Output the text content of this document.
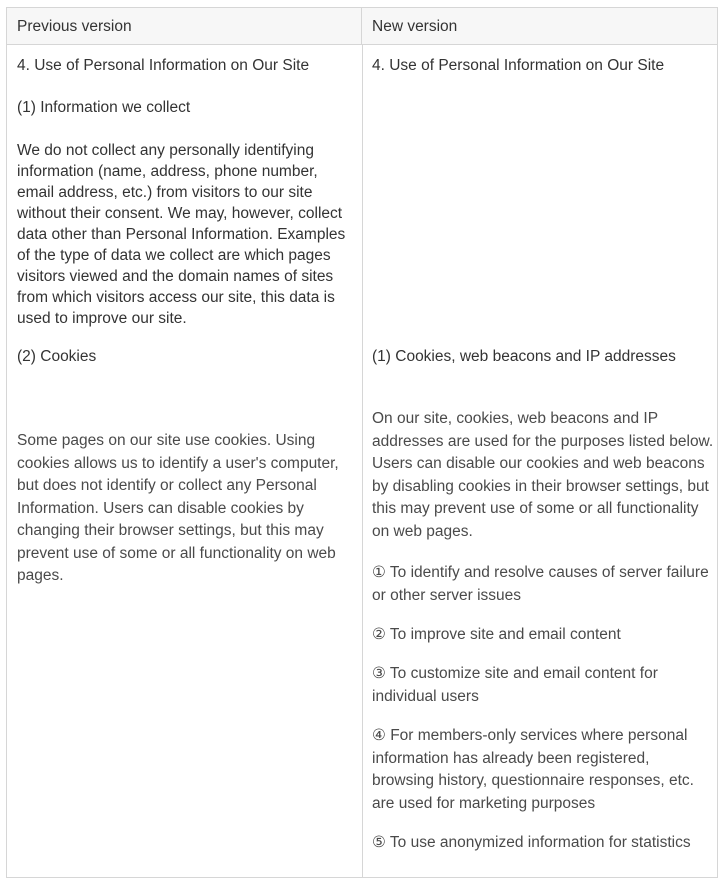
Previous version	New version

4. Use of Personal Information on Our Site

(1) Information we collect

We do not collect any personally identifying information (name, address, phone number, email address, etc.) from visitors to our site without their consent. We may, however, collect data other than Personal Information. Examples of the type of data we collect are which pages visitors viewed and the domain names of sites from which visitors access our site, this data is used to improve our site.

(2) Cookies

Some pages on our site use cookies. Using cookies allows us to identify a user's computer, but does not identify or collect any Personal Information. Users can disable cookies by changing their browser settings, but this may prevent use of some or all functionality on web pages.

4. Use of Personal Information on Our Site

(1) Cookies, web beacons and IP addresses

On our site, cookies, web beacons and IP addresses are used for the purposes listed below. Users can disable our cookies and web beacons by disabling cookies in their browser settings, but this may prevent use of some or all functionality on web pages.

① To identify and resolve causes of server failure or other server issues

② To improve site and email content

③ To customize site and email content for individual users

④ For members-only services where personal information has already been registered, browsing history, questionnaire responses, etc. are used for marketing purposes

⑤ To use anonymized information for statistics
